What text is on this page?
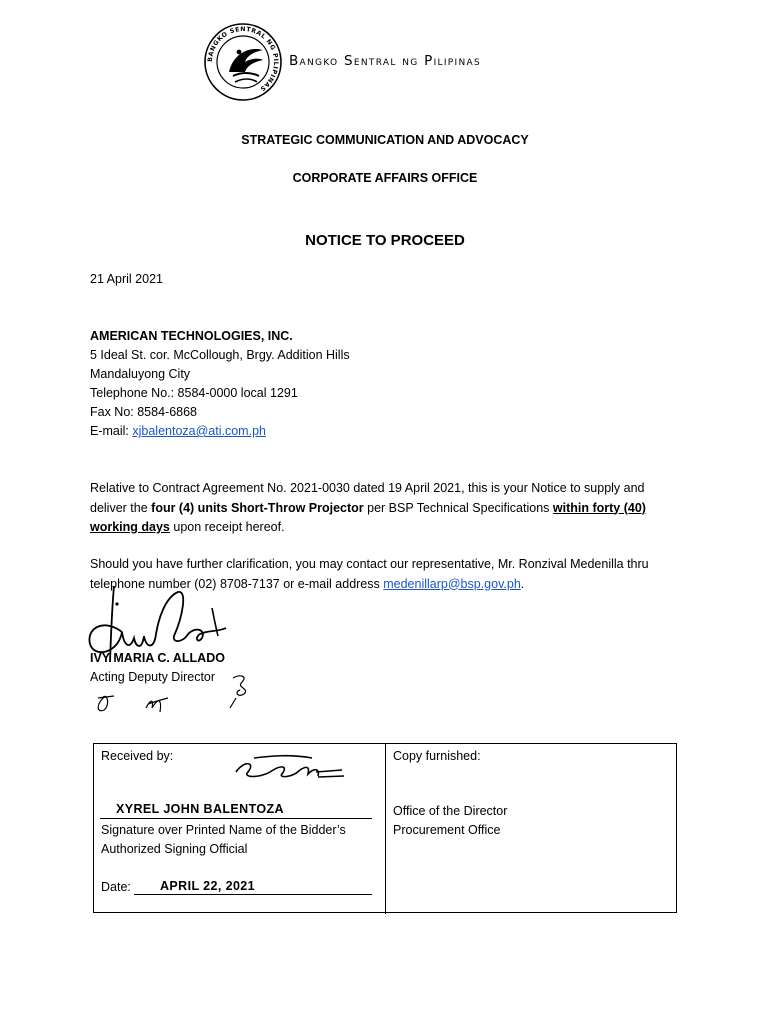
BANGKO SENTRAL NG PILIPINAS
Bangko Sentral ng Pilipinas
STRATEGIC COMMUNICATION AND ADVOCACY
CORPORATE AFFAIRS OFFICE
NOTICE TO PROCEED
21 April 2021
AMERICAN TECHNOLOGIES, INC.
5 Ideal St. cor. McCollough, Brgy. Addition Hills
Mandaluyong City
Telephone No.: 8584-0000 local 1291
Fax No: 8584-6868
E-mail: xjbalentoza@ati.com.ph
Relative to Contract Agreement No. 2021-0030 dated 19 April 2021, this is your Notice to supply and deliver the four (4) units Short-Throw Projector per BSP Technical Specifications within forty (40) working days upon receipt hereof.
Should you have further clarification, you may contact our representative, Mr. Ronzival Medenilla thru telephone number (02) 8708-7137 or e-mail address medenillarp@bsp.gov.ph.
IVY MARIA C. ALLADO
Acting Deputy Director
Received by:
XYREL JOHN BALENTOZA
Signature over Printed Name of the Bidder’s
Authorized Signing Official
Date: APRIL 22, 2021
Copy furnished:
Office of the Director
Procurement Office
